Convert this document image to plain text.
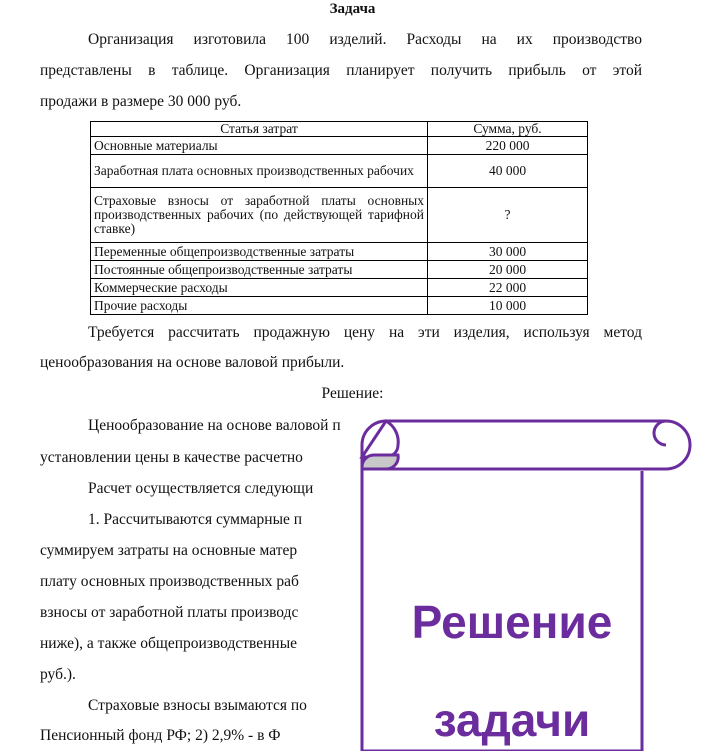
Задача
Организация изготовила 100 изделий. Расходы на их производство
представлены в таблице. Организация планирует получить прибыль от этой
продажи в размере 30 000 руб.
Статья затрат	Сумма, руб.
Основные материалы	220 000
Заработная плата основных производственных рабочих	40 000
Страховые взносы от заработной платы основных производственных рабочих (по действующей тарифной ставке)	?
Переменные общепроизводственные затраты	30 000
Постоянные общепроизводственные затраты	20 000
Коммерческие расходы	22 000
Прочие расходы	10 000
Требуется рассчитать продажную цену на эти изделия, используя метод
ценообразования на основе валовой прибыли.
Решение:
Ценообразование на основе валовой п
установлении цены в качестве расчетно
Расчет осуществляется следующи
1. Рассчитываются суммарные п
суммируем затраты на основные матер
плату основных производственных раб
взносы от заработной платы производс
ниже), а также общепроизводственные
руб.).
Страховые взносы взымаются по
Пенсионный фонд РФ; 2) 2,9% - в Ф
Решение
задачи
